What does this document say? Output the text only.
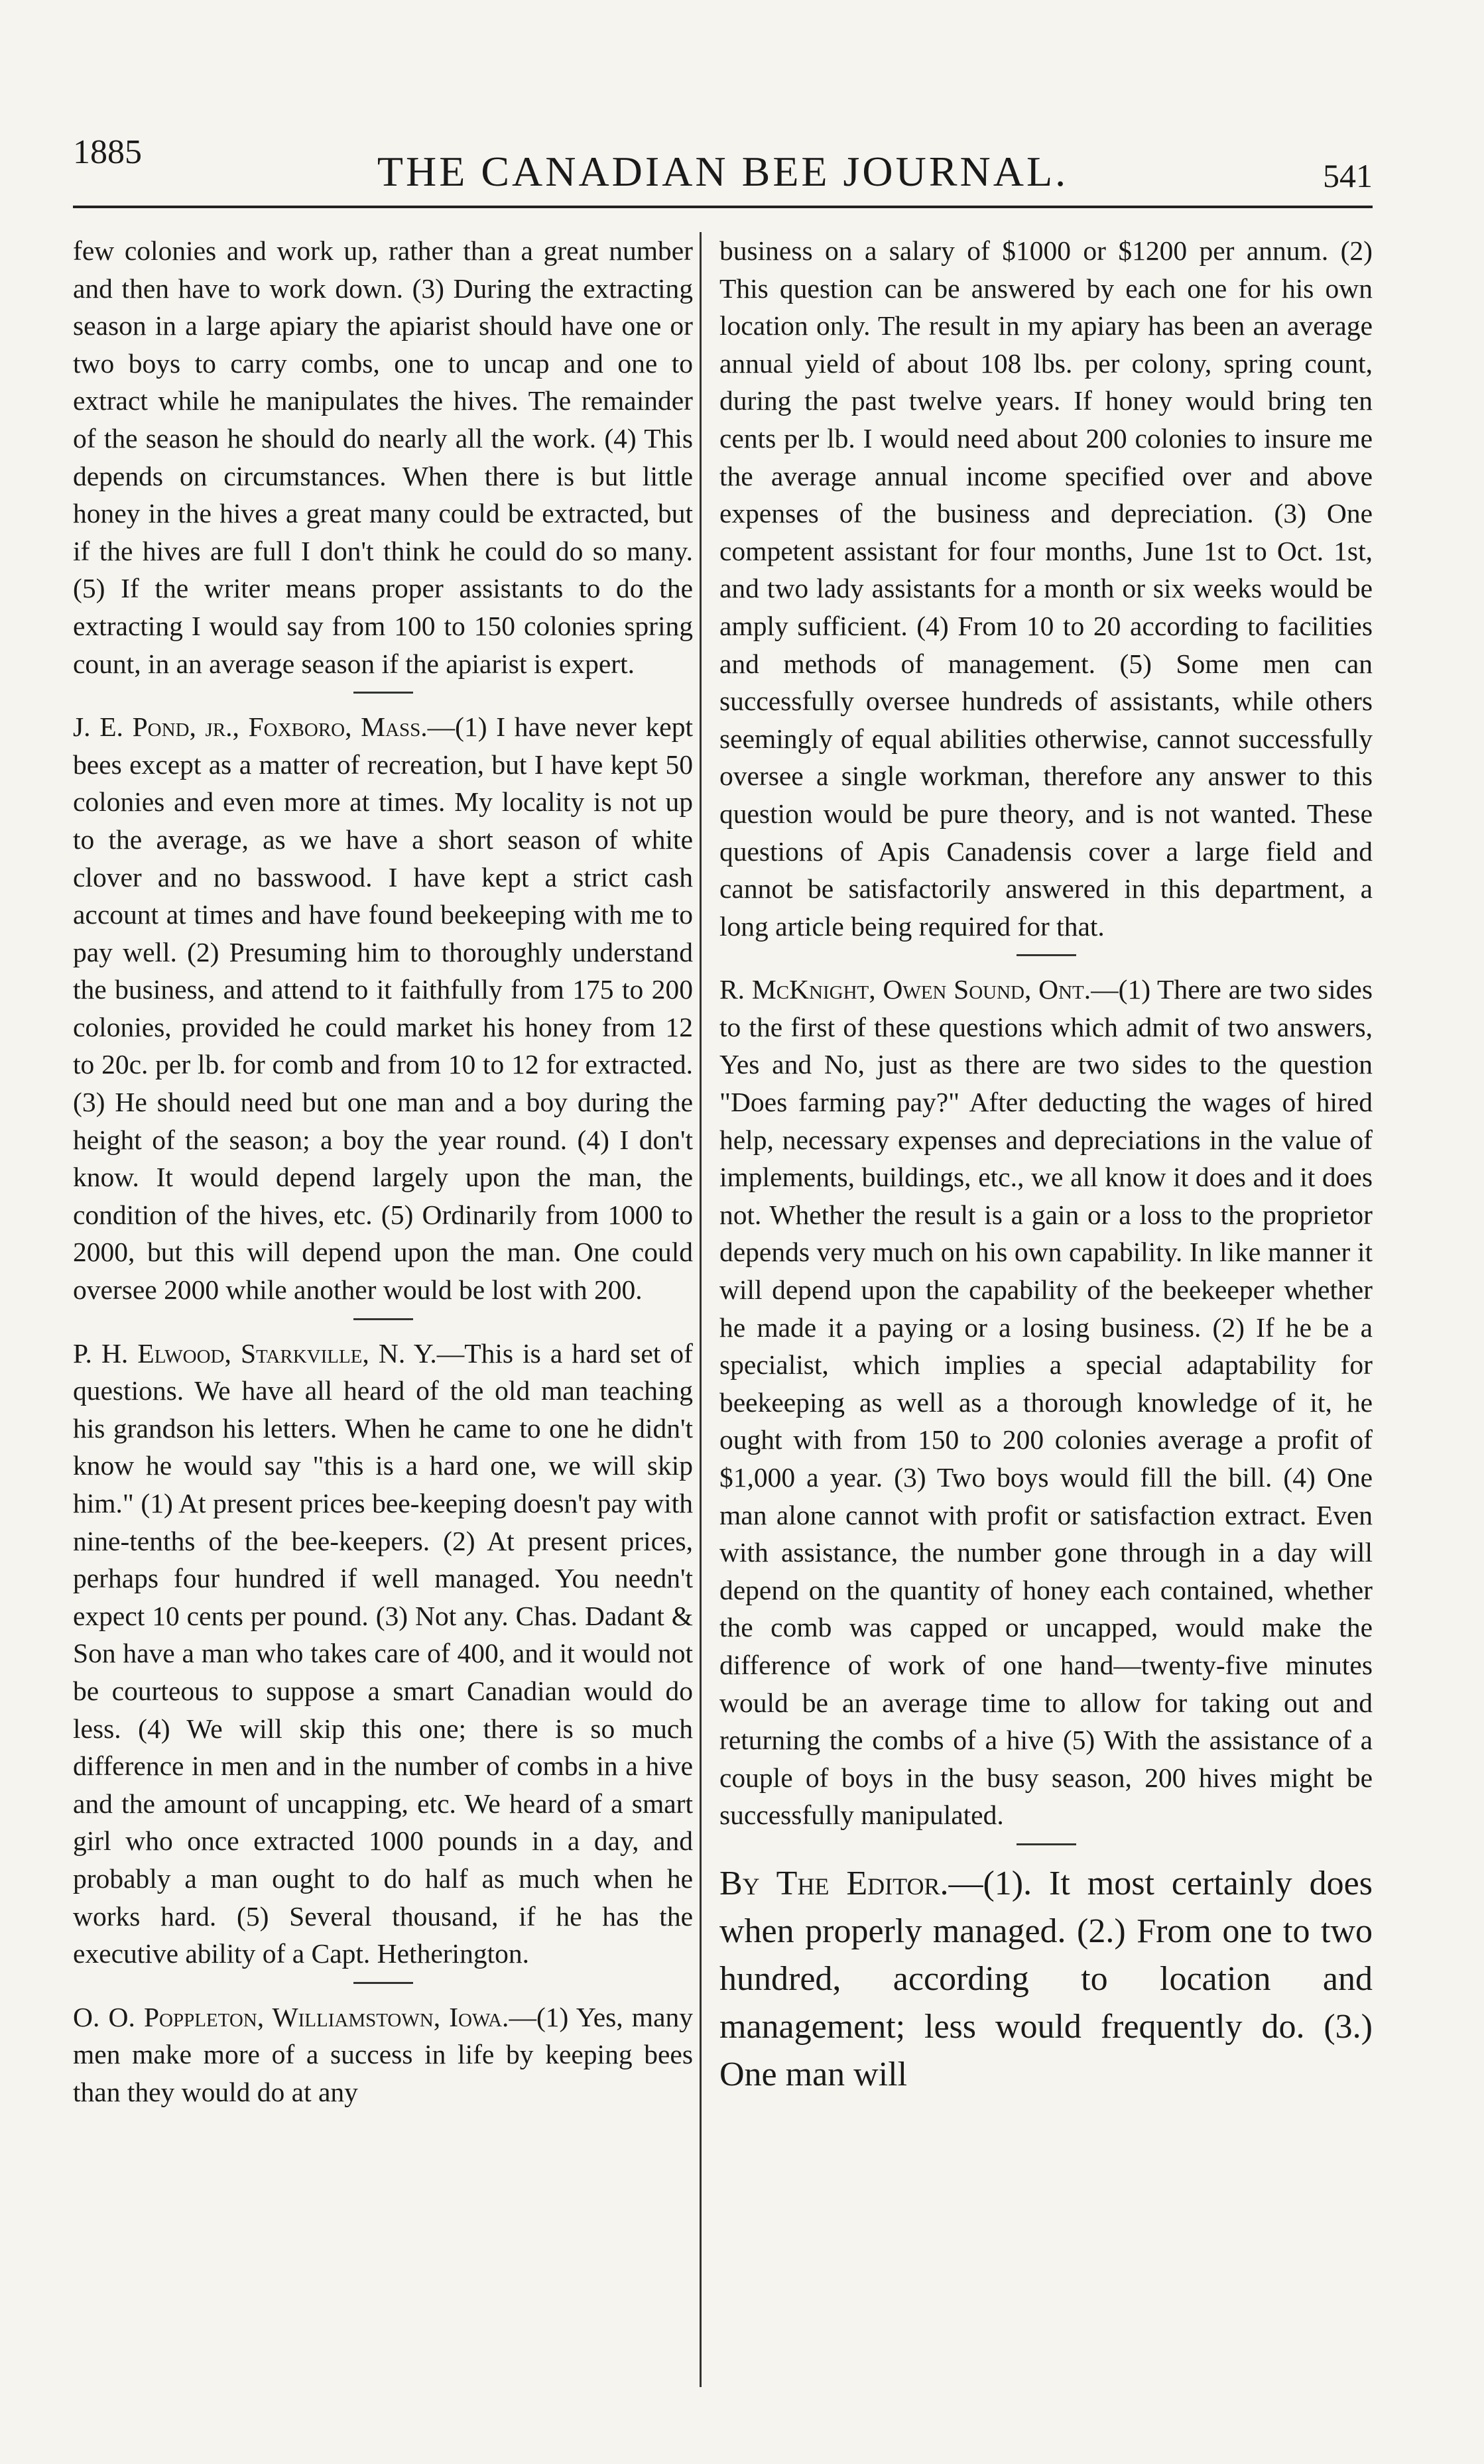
1885	THE CANADIAN BEE JOURNAL.	541

few colonies and work up, rather than a great number and then have to work down. (3) During the extracting season in a large apiary the apiarist should have one or two boys to carry combs, one to uncap and one to extract while he manipulates the hives. The remainder of the season he should do nearly all the work. (4) This depends on circumstances. When there is but little honey in the hives a great many could be extracted, but if the hives are full I don't think he could do so many. (5) If the writer means proper assistants to do the extracting I would say from 100 to 150 colonies spring count, in an average season if the apiarist is expert.

J. E. Pond, jr., Foxboro, Mass.—(1) I have never kept bees except as a matter of recreation, but I have kept 50 colonies and even more at times. My locality is not up to the average, as we have a short season of white clover and no basswood. I have kept a strict cash account at times and have found beekeeping with me to pay well. (2) Presuming him to thoroughly understand the business, and attend to it faithfully from 175 to 200 colonies, provided he could market his honey from 12 to 20c. per lb. for comb and from 10 to 12 for extracted. (3) He should need but one man and a boy during the height of the season; a boy the year round. (4) I don't know. It would depend largely upon the man, the condition of the hives, etc. (5) Ordinarily from 1000 to 2000, but this will depend upon the man. One could oversee 2000 while another would be lost with 200.

P. H. Elwood, Starkville, N. Y.—This is a hard set of questions. We have all heard of the old man teaching his grandson his letters. When he came to one he didn't know he would say "this is a hard one, we will skip him." (1) At present prices bee-keeping doesn't pay with nine-tenths of the bee-keepers. (2) At present prices, perhaps four hundred if well managed. You needn't expect 10 cents per pound. (3) Not any. Chas. Dadant & Son have a man who takes care of 400, and it would not be courteous to suppose a smart Canadian would do less. (4) We will skip this one; there is so much difference in men and in the number of combs in a hive and the amount of uncapping, etc. We heard of a smart girl who once extracted 1000 pounds in a day, and probably a man ought to do half as much when he works hard. (5) Several thousand, if he has the executive ability of a Capt. Hetherington.

O. O. Poppleton, Williamstown, Iowa.—(1) Yes, many men make more of a success in life by keeping bees than they would do at any

business on a salary of $1000 or $1200 per annum. (2) This question can be answered by each one for his own location only. The result in my apiary has been an average annual yield of about 108 lbs. per colony, spring count, during the past twelve years. If honey would bring ten cents per lb. I would need about 200 colonies to insure me the average annual income specified over and above expenses of the business and depreciation. (3) One competent assistant for four months, June 1st to Oct. 1st, and two lady assistants for a month or six weeks would be amply sufficient. (4) From 10 to 20 according to facilities and methods of management. (5) Some men can successfully oversee hundreds of assistants, while others seemingly of equal abilities otherwise, cannot successfully oversee a single workman, therefore any answer to this question would be pure theory, and is not wanted. These questions of Apis Canadensis cover a large field and cannot be satisfactorily answered in this department, a long article being required for that.

R. McKnight, Owen Sound, Ont.—(1) There are two sides to the first of these questions which admit of two answers, Yes and No, just as there are two sides to the question "Does farming pay?" After deducting the wages of hired help, necessary expenses and depreciations in the value of implements, buildings, etc., we all know it does and it does not. Whether the result is a gain or a loss to the proprietor depends very much on his own capability. In like manner it will depend upon the capability of the beekeeper whether he made it a paying or a losing business. (2) If he be a specialist, which implies a special adaptability for beekeeping as well as a thorough knowledge of it, he ought with from 150 to 200 colonies average a profit of $1,000 a year. (3) Two boys would fill the bill. (4) One man alone cannot with profit or satisfaction extract. Even with assistance, the number gone through in a day will depend on the quantity of honey each contained, whether the comb was capped or uncapped, would make the difference of work of one hand—twenty-five minutes would be an average time to allow for taking out and returning the combs of a hive (5) With the assistance of a couple of boys in the busy season, 200 hives might be successfully manipulated.

By The Editor.—(1). It most certainly does when properly managed. (2.) From one to two hundred, according to location and management; less would frequently do. (3.) One man will
